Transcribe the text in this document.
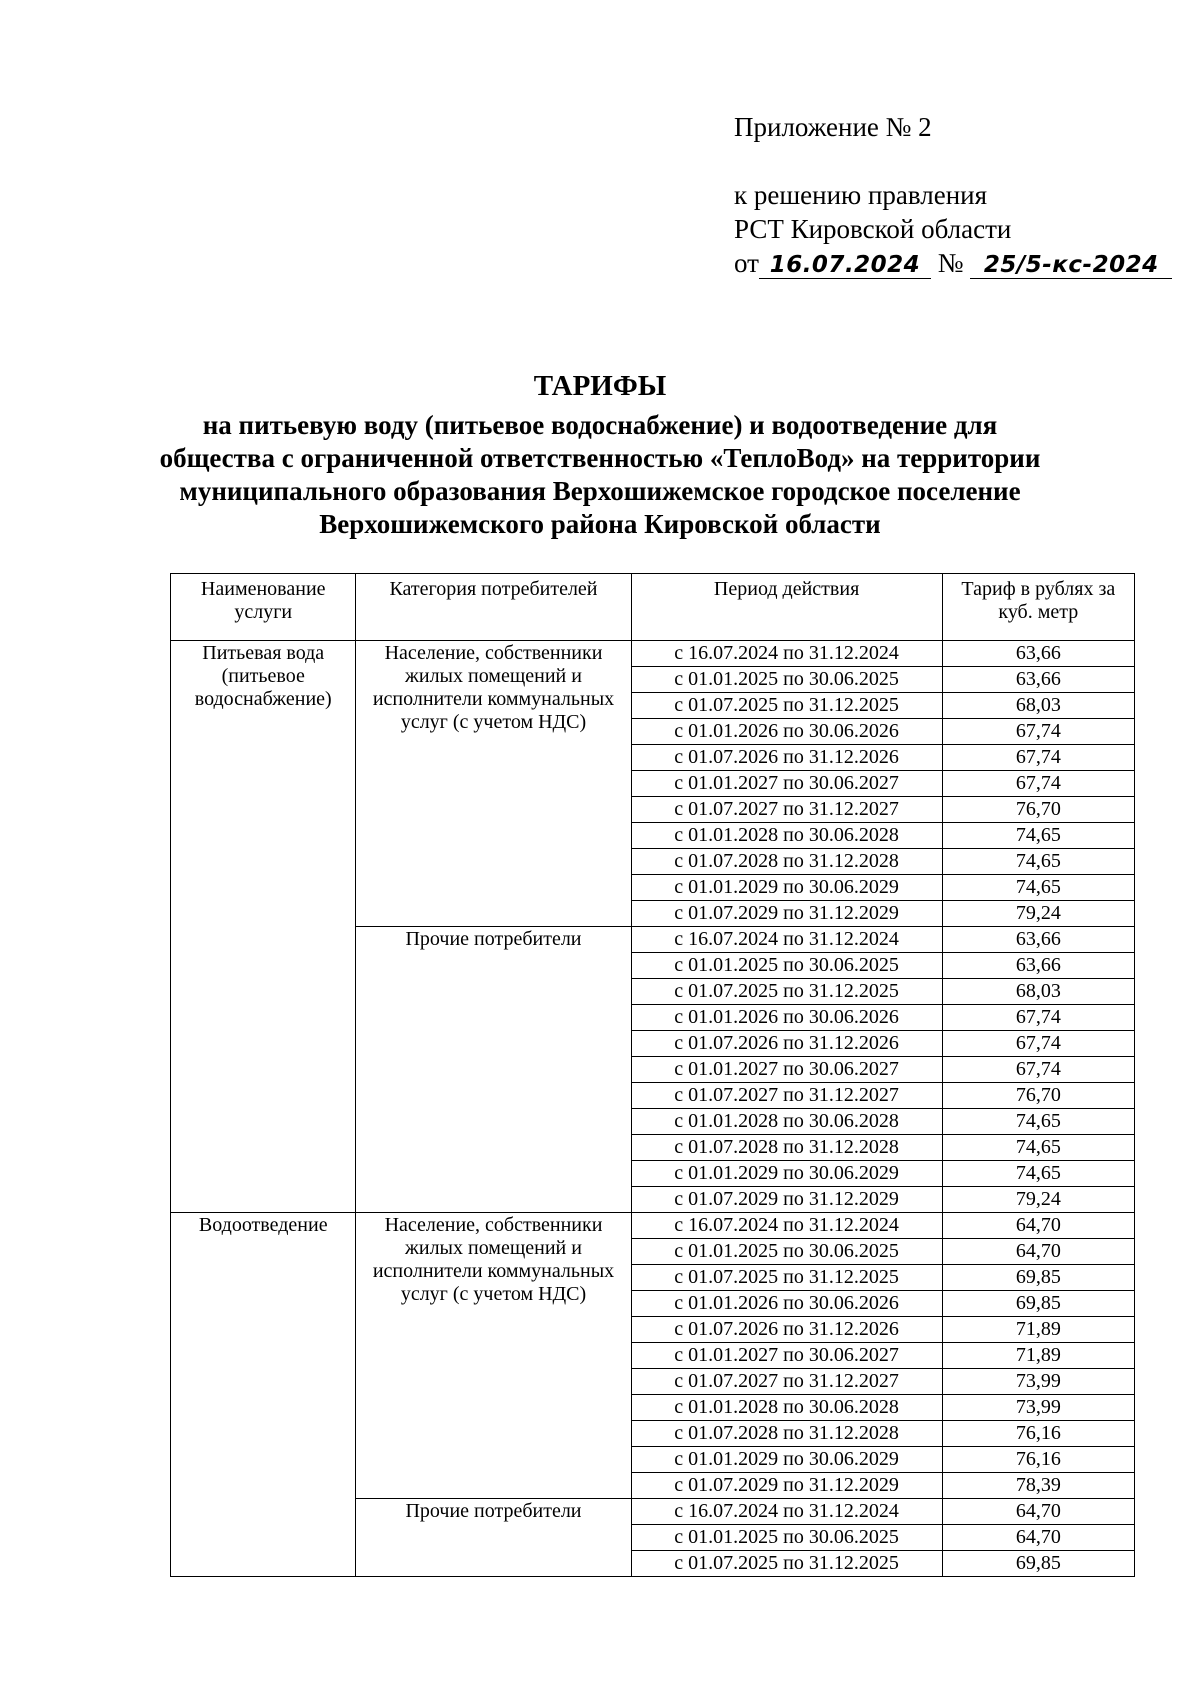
Приложение № 2
к решению правления
РСТ Кировской области
от 16.07.2024 № 25/5-кс-2024
ТАРИФЫ
на питьевую воду (питьевое водоснабжение) и водоотведение для
общества с ограниченной ответственностью «ТеплоВод» на территории
муниципального образования Верхошижемское городское поселение
Верхошижемского района Кировской области
Наименование услуги	Категория потребителей	Период действия	Тариф в рублях за куб. метр
Питьевая вода (питьевое водоснабжение)	Население, собственники жилых помещений и исполнители коммунальных услуг (с учетом НДС)	с 16.07.2024 по 31.12.2024	63,66
		с 01.01.2025 по 30.06.2025	63,66
		с 01.07.2025 по 31.12.2025	68,03
		с 01.01.2026 по 30.06.2026	67,74
		с 01.07.2026 по 31.12.2026	67,74
		с 01.01.2027 по 30.06.2027	67,74
		с 01.07.2027 по 31.12.2027	76,70
		с 01.01.2028 по 30.06.2028	74,65
		с 01.07.2028 по 31.12.2028	74,65
		с 01.01.2029 по 30.06.2029	74,65
		с 01.07.2029 по 31.12.2029	79,24
	Прочие потребители	с 16.07.2024 по 31.12.2024	63,66
		с 01.01.2025 по 30.06.2025	63,66
		с 01.07.2025 по 31.12.2025	68,03
		с 01.01.2026 по 30.06.2026	67,74
		с 01.07.2026 по 31.12.2026	67,74
		с 01.01.2027 по 30.06.2027	67,74
		с 01.07.2027 по 31.12.2027	76,70
		с 01.01.2028 по 30.06.2028	74,65
		с 01.07.2028 по 31.12.2028	74,65
		с 01.01.2029 по 30.06.2029	74,65
		с 01.07.2029 по 31.12.2029	79,24
Водоотведение	Население, собственники жилых помещений и исполнители коммунальных услуг (с учетом НДС)	с 16.07.2024 по 31.12.2024	64,70
		с 01.01.2025 по 30.06.2025	64,70
		с 01.07.2025 по 31.12.2025	69,85
		с 01.01.2026 по 30.06.2026	69,85
		с 01.07.2026 по 31.12.2026	71,89
		с 01.01.2027 по 30.06.2027	71,89
		с 01.07.2027 по 31.12.2027	73,99
		с 01.01.2028 по 30.06.2028	73,99
		с 01.07.2028 по 31.12.2028	76,16
		с 01.01.2029 по 30.06.2029	76,16
		с 01.07.2029 по 31.12.2029	78,39
	Прочие потребители	с 16.07.2024 по 31.12.2024	64,70
		с 01.01.2025 по 30.06.2025	64,70
		с 01.07.2025 по 31.12.2025	69,85
